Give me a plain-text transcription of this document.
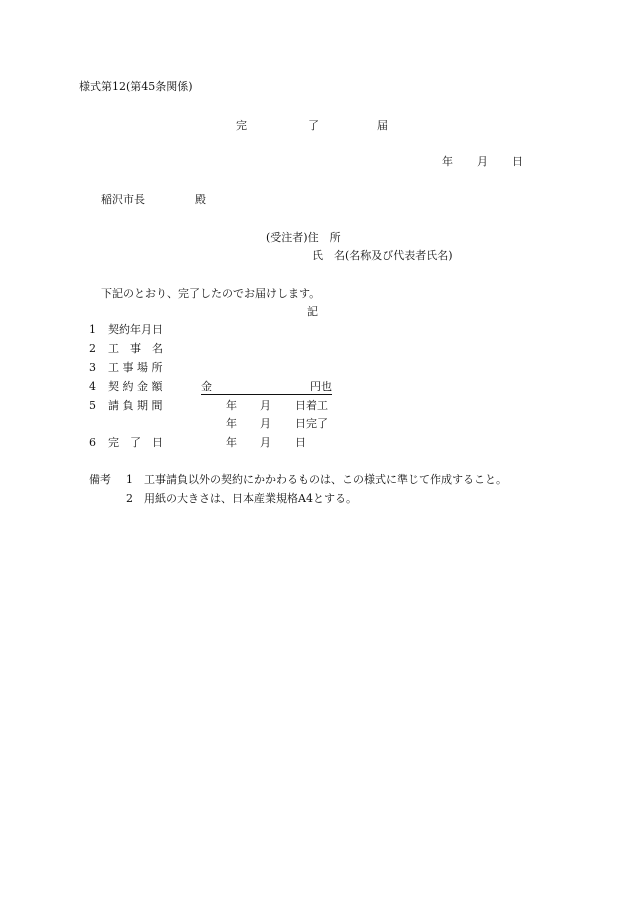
様式第12(第45条関係)
完	了	届
年 月 日
稲沢市長	殿
(受注者)住　所
氏　名(名称及び代表者氏名)
下記のとおり、完了したのでお届けします。
記
1 契約年月日
2 工　事　名
3 工 事 場 所
4 契 約 金 額	金	円也
5 請 負 期 間	年 月 日着工
年 月 日完了
6 完　了　日	年 月 日
備考 1 工事請負以外の契約にかかわるものは、この様式に準じて作成すること。
2 用紙の大きさは、日本産業規格A4とする。
